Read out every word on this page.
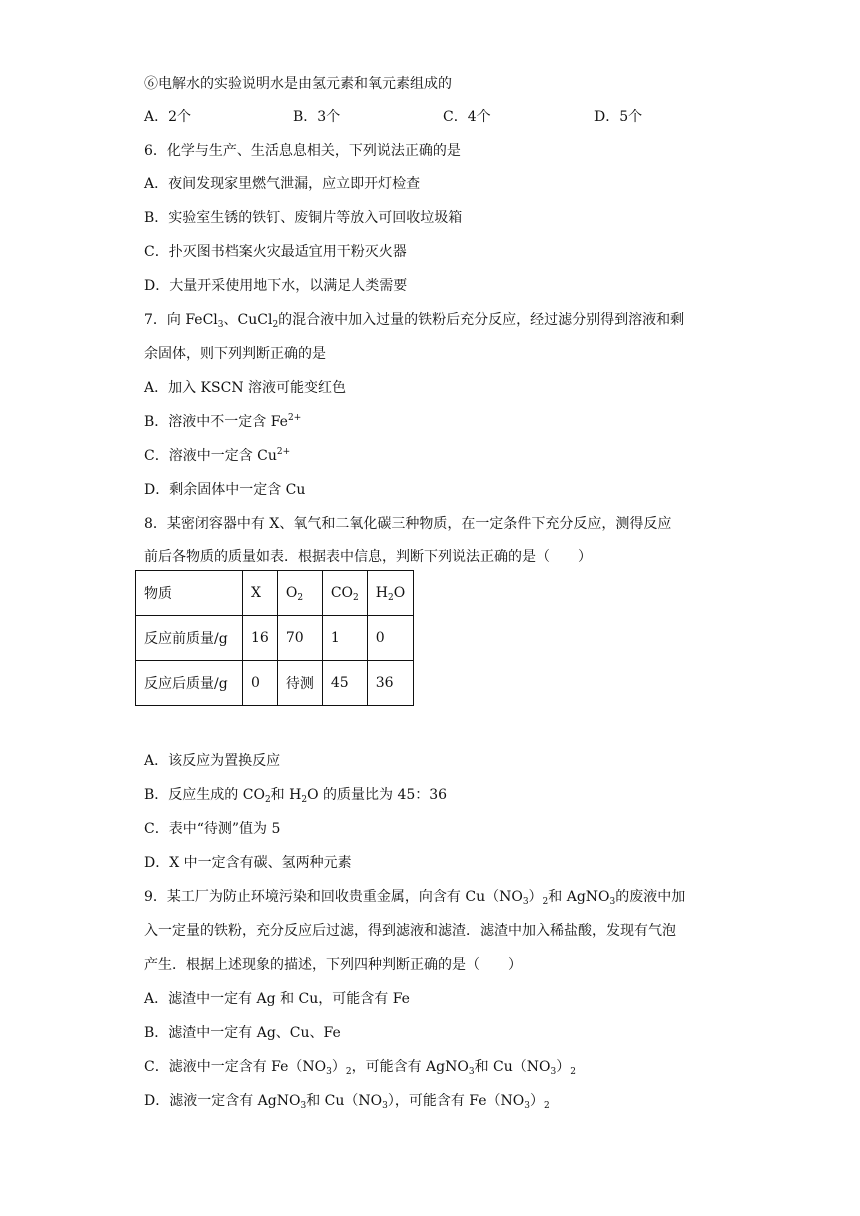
⑥电解水的实验说明水是由氢元素和氧元素组成的
A．2个	B．3个	C．4个	D．5个
6．化学与生产、生活息息相关，下列说法正确的是
A．夜间发现家里燃气泄漏，应立即开灯检查
B．实验室生锈的铁钉、废铜片等放入可回收垃圾箱
C．扑灭图书档案火灾最适宜用干粉灭火器
D．大量开采使用地下水，以满足人类需要
7．向 FeCl$_3$、CuCl$_2$的混合液中加入过量的铁粉后充分反应，经过滤分别得到溶液和剩
余固体，则下列判断正确的是
A．加入 KSCN 溶液可能变红色
B．溶液中不一定含 $Fe^{2+}$
C．溶液中一定含 $Cu^{2+}$
D．剩余固体中一定含 Cu
8．某密闭容器中有 X、氧气和二氧化碳三种物质，在一定条件下充分反应，测得反应
前后各物质的质量如表．根据表中信息，判断下列说法正确的是（　　）
物质	X	$O_2$	$CO_2$	$H_2O$
反应前质量/g	16	70	1	0
反应后质量/g	0	待测	45	36
A．该反应为置换反应
B．反应生成的 $CO_2$和 $H_2O$ 的质量比为 45：36
C．表中“待测”值为 5
D．X 中一定含有碳、氢两种元素
9．某工厂为防止环境污染和回收贵重金属，向含有 $Cu(NO_3)_2$和 AgNO$_3$的废液中加
入一定量的铁粉，充分反应后过滤，得到滤液和滤渣．滤渣中加入稀盐酸，发现有气泡
产生．根据上述现象的描述，下列四种判断正确的是（　　）
A．滤渣中一定有 Ag 和 Cu，可能含有 Fe
B．滤渣中一定有 Ag、Cu、Fe
C．滤液中一定含有 $Fe(NO_3)_2$，可能含有 AgNO$_3$和 $Cu(NO_3)_2$
D．滤液一定含有 AgNO$_3$和 $Cu(NO_3)$，可能含有 $Fe(NO_3)_2$
